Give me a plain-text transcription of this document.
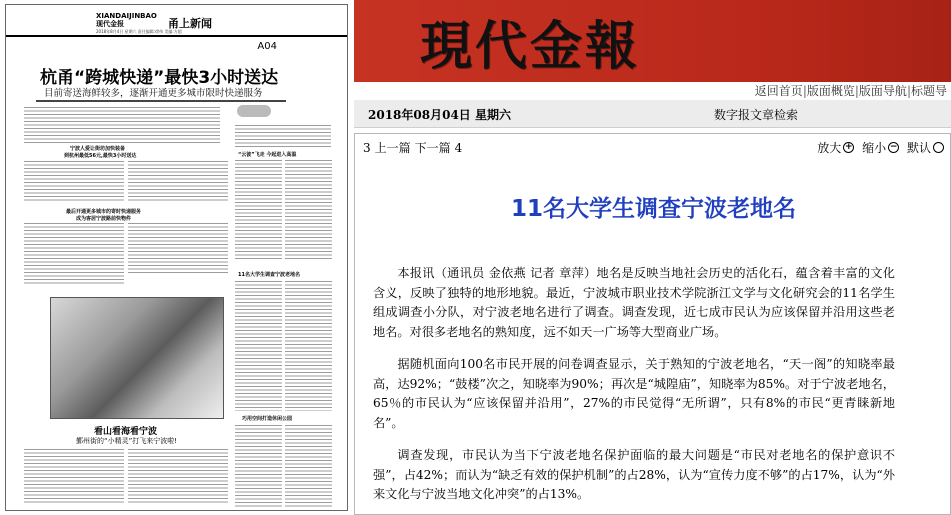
XIANDAIJINBAO
现代金报	甬上新闻
2018年8月4日 星期六 责任编辑:徐伟 美编:方超
A04
杭甬“跨城快递”最快3小时送达
目前寄送海鲜较多，逐渐开通更多城市限时快递服务
宁波人爱让街坊加快装备
到杭州最低56元,最快3小时送达
最后开通更多城市的寄时快递服务
成为客居宁波路前快物件
“云彼”飞走 今起进入高温
11名大学生调查宁波老地名
看山看海看宁波
鄞州街的“小精灵”打飞来宁波啦!
巧用空间打造休闲公园
現代金報
返回首页|版面概览|版面导航|标题导
2018年08月04日 星期六	数字报文章检索
3 上一篇 下一篇 4	放大 +
缩小 −
默认
11名大学生调查宁波老地名

本报讯（通讯员 金依燕 记者 章萍）地名是反映当地社会历史的活化石，蕴含着丰富的文化含义，反映了独特的地形地貌。最近，宁波城市职业技术学院浙江文学与文化研究会的11名学生组成调查小分队，对宁波老地名进行了调查。调查发现，近七成市民认为应该保留并沿用这些老地名。对很多老地名的熟知度，远不如天一广场等大型商业广场。

据随机面向100名市民开展的问卷调查显示，关于熟知的宁波老地名，“天一阁”的知晓率最高，达92%；“鼓楼”次之，知晓率为90%；再次是“城隍庙”，知晓率为85%。对于宁波老地名，65％的市民认为“应该保留并沿用”，27%的市民觉得“无所谓”，只有8%的市民“更青睐新地名”。

调查发现，市民认为当下宁波老地名保护面临的最大问题是“市民对老地名的保护意识不强”，占42%；而认为“缺乏有效的保护机制”的占28%，认为“宣传力度不够”的占17%，认为“外来文化与宁波当地文化冲突”的占13%。
